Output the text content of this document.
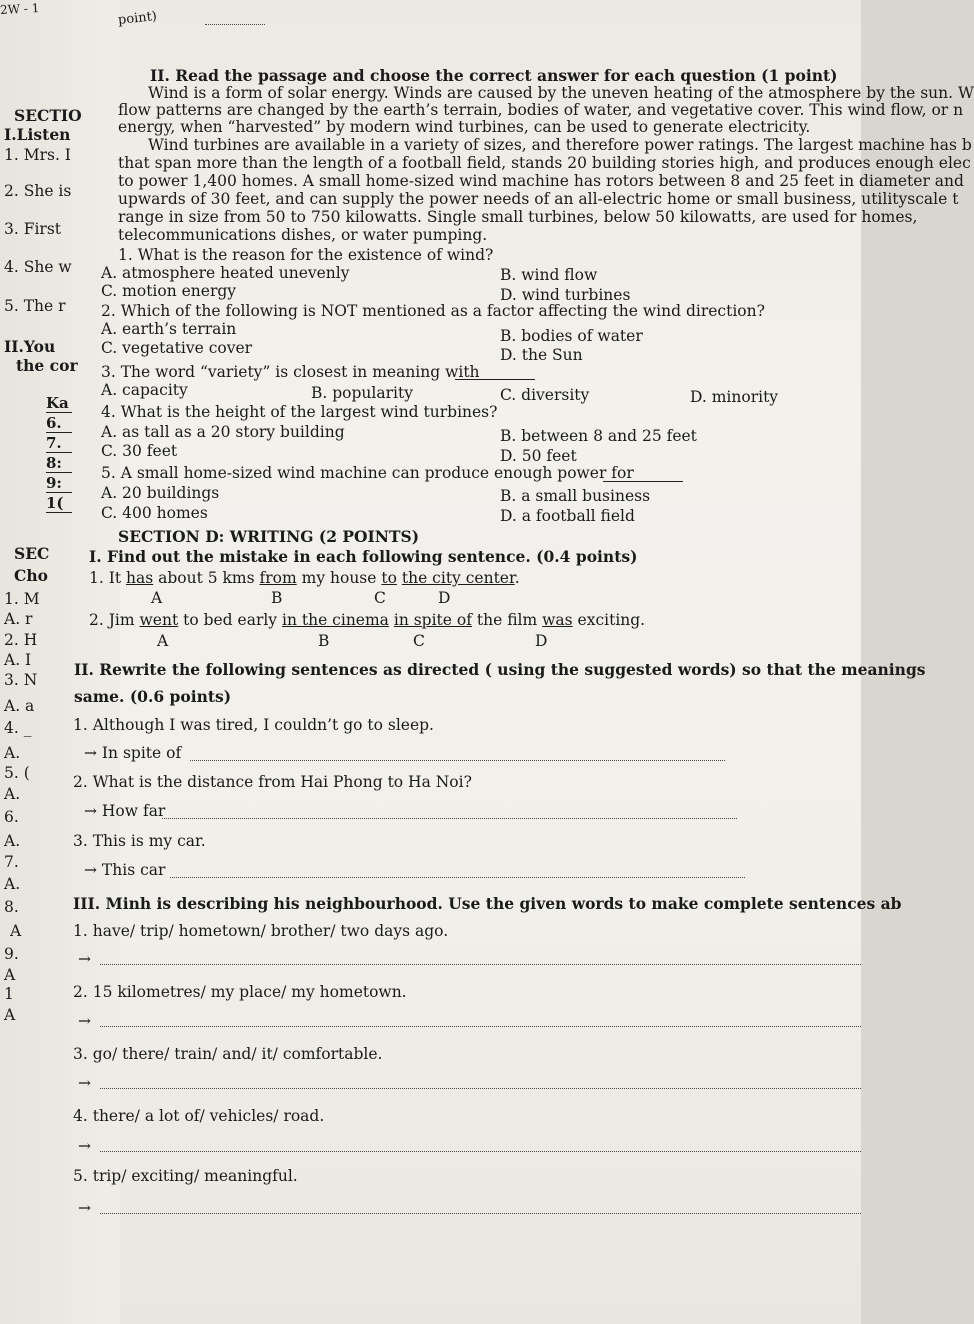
2W - 1
point)
II. Read the passage and choose the correct answer for each question (1 point)
Wind is a form of solar energy. Winds are caused by the uneven heating of the atmosphere by the sun. W
flow patterns are changed by the earth’s terrain, bodies of water, and vegetative cover. This wind flow, or n
energy, when “harvested” by modern wind turbines, can be used to generate electricity.
Wind turbines are available in a variety of sizes, and therefore power ratings. The largest machine has b
that span more than the length of a football field, stands 20 building stories high, and produces enough elec
to power 1,400 homes. A small home-sized wind machine has rotors between 8 and 25 feet in diameter and
upwards of 30 feet, and can supply the power needs of an all-electric home or small business, utilityscale t
range in size from 50 to 750 kilowatts. Single small turbines, below 50 kilowatts, are used for homes,
telecommunications dishes, or water pumping.
1. What is the reason for the existence of wind?
A. atmosphere heated unevenly	B. wind flow
C. motion energy	D. wind turbines
2. Which of the following is NOT mentioned as a factor affecting the wind direction?
A. earth’s terrain	B. bodies of water
C. vegetative cover	D. the Sun
3. The word “variety” is closest in meaning with
A. capacity	B. popularity	C. diversity	D. minority
4. What is the height of the largest wind turbines?
A. as tall as a 20 story building	B. between 8 and 25 feet
C. 30 feet	D. 50 feet
5. A small home-sized wind machine can produce enough power for
A. 20 buildings	B. a small business
C. 400 homes	D. a football field
SECTIO
I.Listen
1. Mrs. I
2. She is
3. First
4. She w
5. The r
II.You
the cor
Ka
6.
7.
8:
9:
1(
SEC
Cho
1. M
A. r
2. H
A. I
3. N
A. a
4. _
A.
5. (
A.
6.
A.
7.
A.
8.
A
9.
A
1
A
SECTION D: WRITING (2 POINTS)
I. Find out the mistake in each following sentence. (0.4 points)
1. It has about 5 kms from my house to the city center.
A	B	C	D
2. Jim went to bed early in the cinema in spite of the film was exciting.
A	B	C	D
II. Rewrite the following sentences as directed ( using the suggested words) so that the meanings
same. (0.6 points)
1. Although I was tired, I couldn’t go to sleep.
→ In spite of
2. What is the distance from Hai Phong to Ha Noi?
→ How far
3. This is my car.
→ This car
III. Minh is describing his neighbourhood. Use the given words to make complete sentences ab
1. have/ trip/ hometown/ brother/ two days ago.
→
2. 15 kilometres/ my place/ my hometown.
→
3. go/ there/ train/ and/ it/ comfortable.
→
4. there/ a lot of/ vehicles/ road.
→
5. trip/ exciting/ meaningful.
→
